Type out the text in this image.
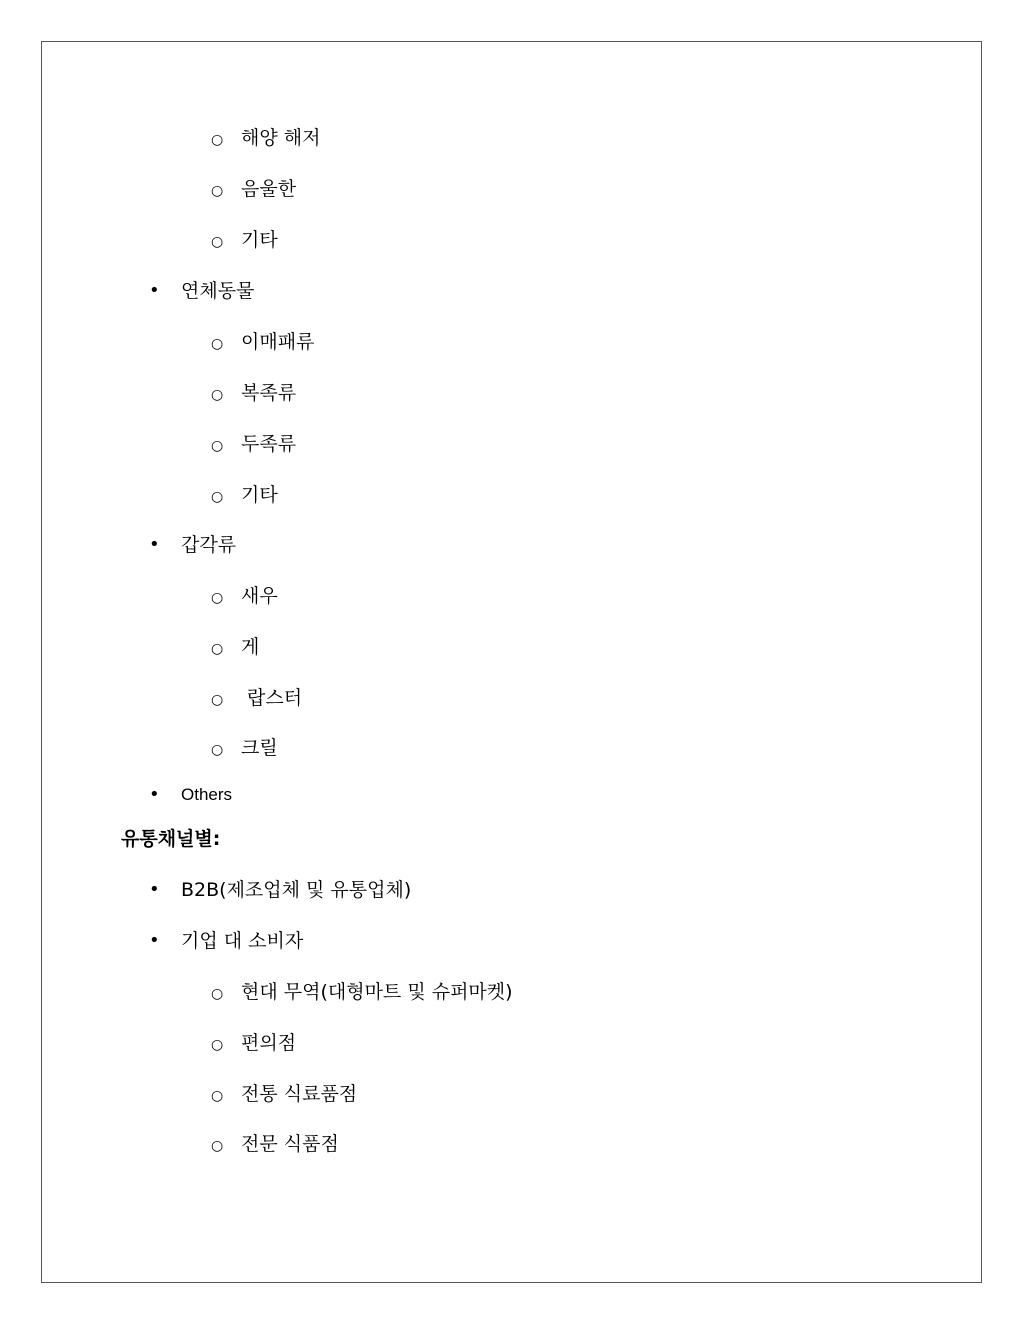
○ 해양 해저
○ 음울한
○ 기타
• 연체동물
○ 이매패류
○ 복족류
○ 두족류
○ 기타
• 갑각류
○ 새우
○ 게
○ 랍스터
○ 크릴
• Others
유통채널별:
• B2B(제조업체 및 유통업체)
• 기업 대 소비자
○ 현대 무역(대형마트 및 슈퍼마켓)
○ 편의점
○ 전통 식료품점
○ 전문 식품점
